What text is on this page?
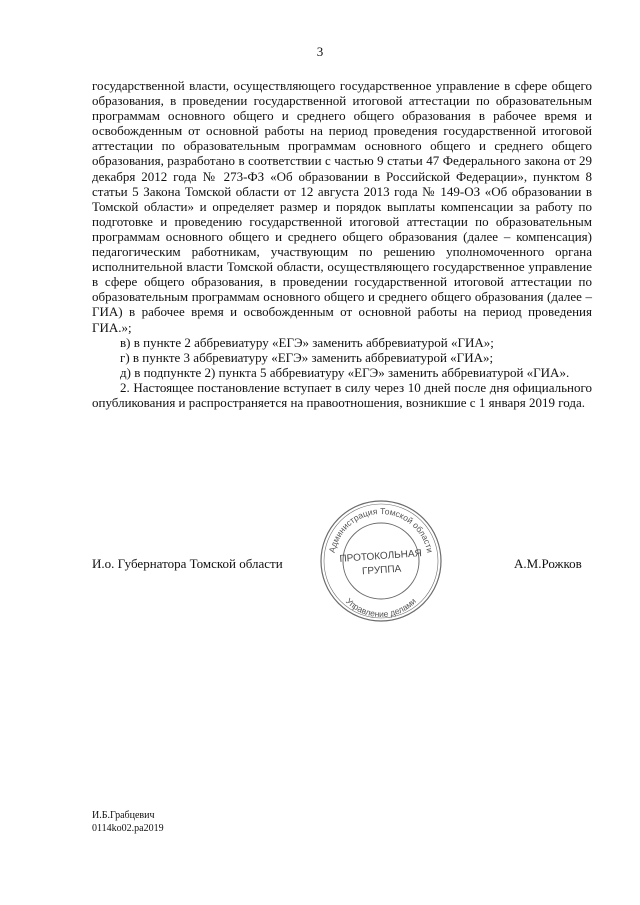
3

государственной власти, осуществляющего государственное управление в сфере общего образования, в проведении государственной итоговой аттестации по образовательным программам основного общего и среднего общего образования в рабочее время и освобожденным от основной работы на период проведения государственной итоговой аттестации по образовательным программам основного общего и среднего общего образования, разработано в соответствии с частью 9 статьи 47 Федерального закона от 29 декабря 2012 года № 273-ФЗ «Об образовании в Российской Федерации», пунктом 8 статьи 5 Закона Томской области от 12 августа 2013 года № 149-ОЗ «Об образовании в Томской области» и определяет размер и порядок выплаты компенсации за работу по подготовке и проведению государственной итоговой аттестации по образовательным программам основного общего и среднего общего образования (далее – компенсация) педагогическим работникам, участвующим по решению уполномоченного органа исполнительной власти Томской области, осуществляющего государственное управление в сфере общего образования, в проведении государственной итоговой аттестации по образовательным программам основного общего и среднего общего образования (далее – ГИА) в рабочее время и освобожденным от основной работы на период проведения ГИА.»;

в) в пункте 2 аббревиатуру «ЕГЭ» заменить аббревиатурой «ГИА»;

г) в пункте 3 аббревиатуру «ЕГЭ» заменить аббревиатурой «ГИА»;

д) в подпункте 2) пункта 5 аббревиатуру «ЕГЭ» заменить аббревиатурой «ГИА».

2. Настоящее постановление вступает в силу через 10 дней после дня официального опубликования и распространяется на правоотношения, возникшие с 1 января 2019 года.

И.о. Губернатора Томской области	А.М.Рожков
Администрация Томской области
Управление делами
ПРОТОКОЛЬНАЯ
ГРУППА
И.Б.Грабцевич
0114ko02.pa2019
